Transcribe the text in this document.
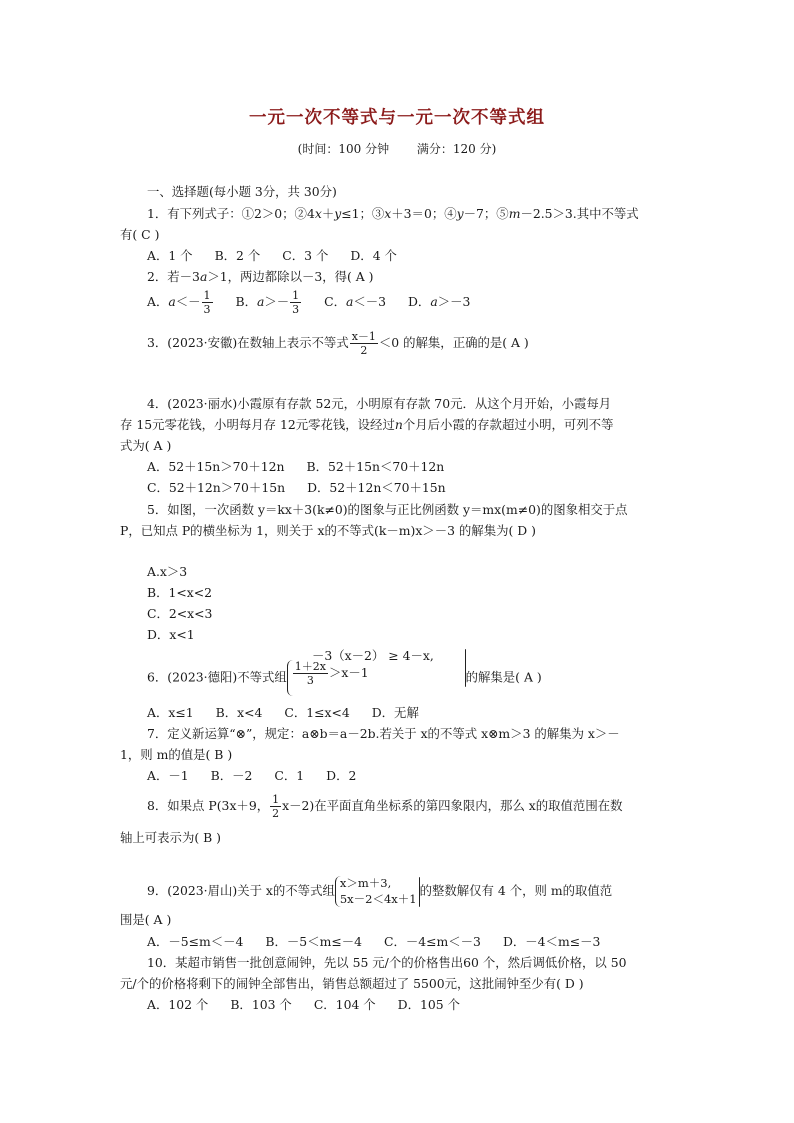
一元一次不等式与一元一次不等式组
(时间：100 分钟 满分：120 分)
一、选择题(每小题 3分，共 30分)
1．有下列式子：①2＞0；②4x＋y≤1；③x＋3＝0；④y－7；⑤m－2.5＞3.其中不等式
有( C )
A．1 个 B．2 个 C．3 个 D．4 个
2．若－3a＞1，两边都除以－3，得( A )
A．$a<- \frac{1}{3}$ B．$a>- \frac{1}{3}$ C．a＜－3 D．a＞－3
3．(2023·安徽)在数轴上表示不等式 $\frac{x-1}{2} <0$ 的解集，正确的是( A )
4．(2023·丽水)小霞原有存款 52元，小明原有存款 70元．从这个月开始，小霞每月
存 15元零花钱，小明每月存 12元零花钱，设经过n个月后小霞的存款超过小明，可列不等
式为( A )
A．52＋15n＞70＋12n B．52＋15n＜70＋12n
C．52＋12n＞70＋15n D．52＋12n＜70＋15n
5．如图，一次函数 y＝kx＋3(k≠0)的图象与正比例函数 y＝mx(m≠0)的图象相交于点
P，已知点 P的横坐标为 1，则关于 x的不等式(k－m)x＞－3 的解集为( D )
A.x＞3
B．1<x<2
C．2<x<3
D．x<1
－3（x－2） ≥ 4－x,
6．(2023·德阳)不等式组 $\frac{1+2x}{3} >x-1$	的解集是( A )
A．x≤1 B．x<4 C．1≤x<4 D．无解
7．定义新运算“⊗”，规定：a⊗b＝a－2b.若关于 x的不等式 x⊗m＞3 的解集为 x＞－
1，则 m的值是( B )
A．－1 B．－2 C．1 D．2
8．如果点 P(3x＋9， $\frac{1}{2} x-2$)在平面直角坐标系的第四象限内，那么 x的取值范围在数
轴上可表示为( B )
9．(2023·眉山)关于 x的不等式组
x＞m＋3,
5x－2＜4x＋1
的整数解仅有 4 个，则 m的取值范
围是( A )
A．－5≤m＜－4 B．－5＜m≤－4 C．－4≤m＜－3 D．－4＜m≤－3
10．某超市销售一批创意闹钟，先以 55 元/个的价格售出60 个，然后调低价格，以 50
元/个的价格将剩下的闹钟全部售出，销售总额超过了 5500元，这批闹钟至少有( D )
A．102 个 B．103 个 C．104 个 D．105 个
